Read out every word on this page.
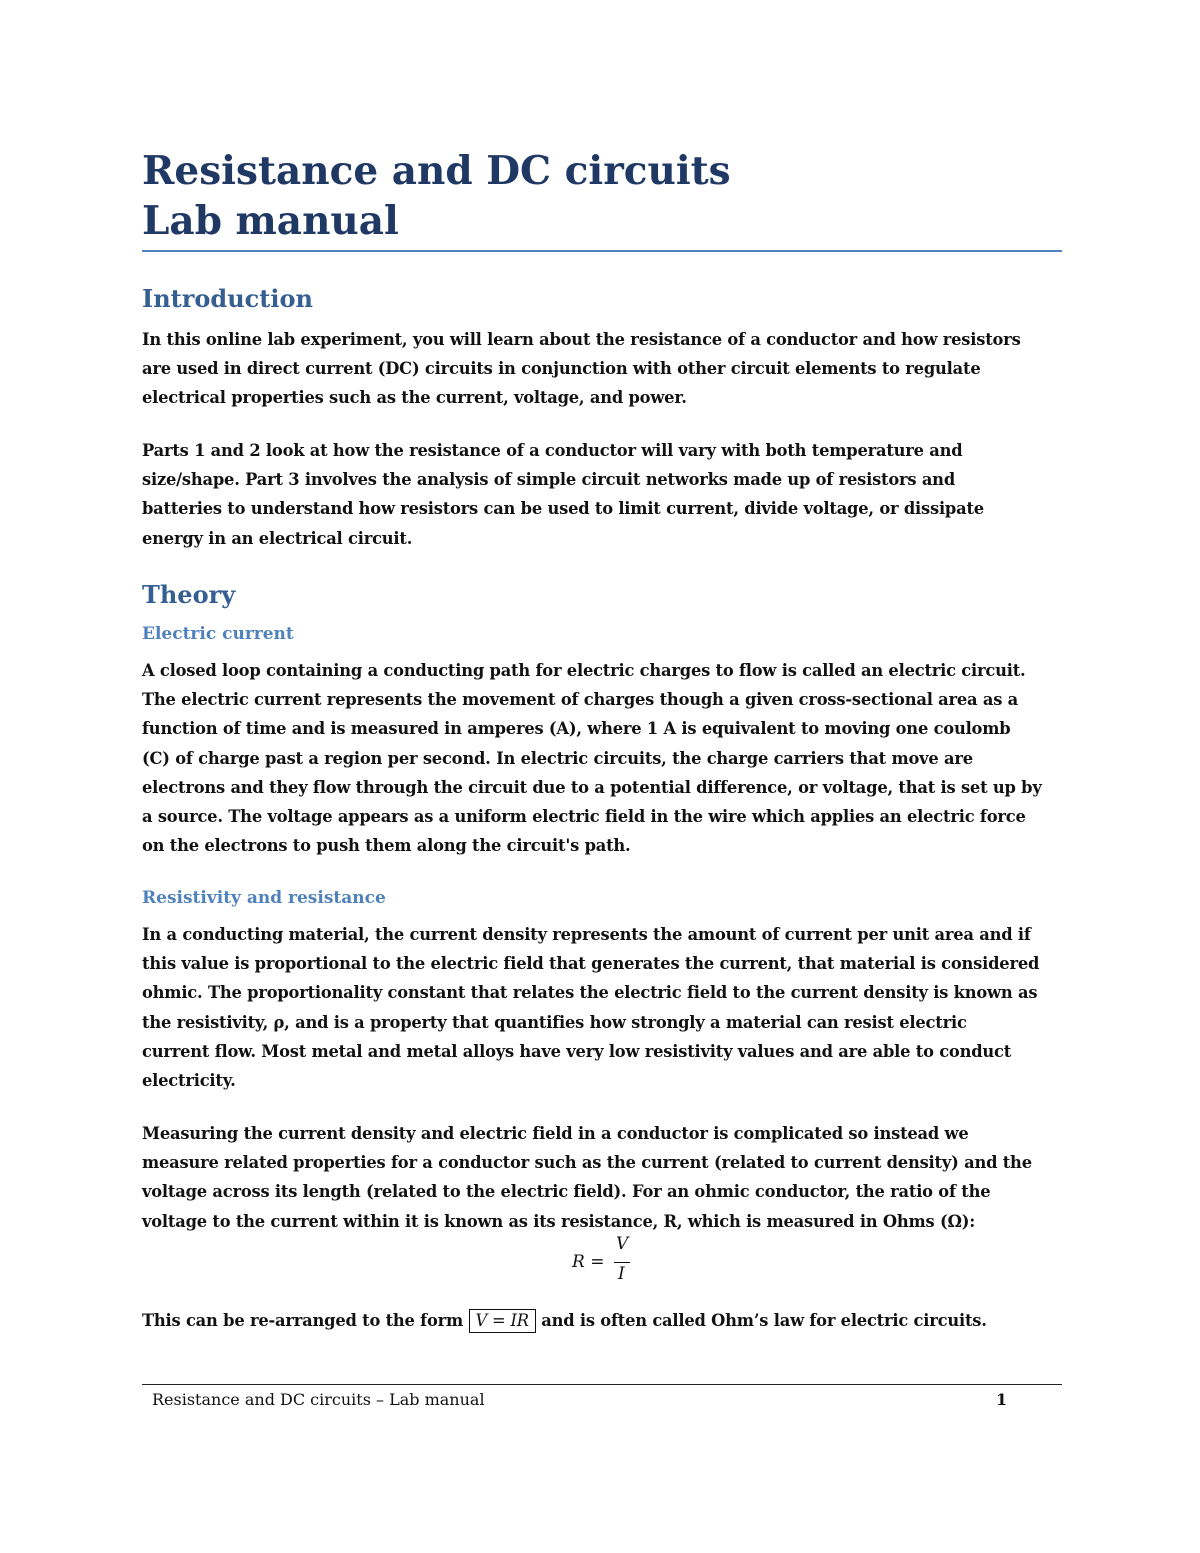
Resistance and DC circuits
Lab manual
Introduction

In this online lab experiment, you will learn about the resistance of a conductor and how resistors
are used in direct current (DC) circuits in conjunction with other circuit elements to regulate
electrical properties such as the current, voltage, and power.

Parts 1 and 2 look at how the resistance of a conductor will vary with both temperature and
size/shape. Part 3 involves the analysis of simple circuit networks made up of resistors and
batteries to understand how resistors can be used to limit current, divide voltage, or dissipate
energy in an electrical circuit.

Theory
Electric current

A closed loop containing a conducting path for electric charges to flow is called an electric circuit.
The electric current represents the movement of charges though a given cross-sectional area as a
function of time and is measured in amperes (A), where 1 A is equivalent to moving one coulomb
(C) of charge past a region per second. In electric circuits, the charge carriers that move are
electrons and they flow through the circuit due to a potential difference, or voltage, that is set up by
a source. The voltage appears as a uniform electric field in the wire which applies an electric force
on the electrons to push them along the circuit's path.

Resistivity and resistance

In a conducting material, the current density represents the amount of current per unit area and if
this value is proportional to the electric field that generates the current, that material is considered
ohmic. The proportionality constant that relates the electric field to the current density is known as
the resistivity, ρ, and is a property that quantifies how strongly a material can resist electric
current flow. Most metal and metal alloys have very low resistivity values and are able to conduct
electricity.

Measuring the current density and electric field in a conductor is complicated so instead we
measure related properties for a conductor such as the current (related to current density) and the
voltage across its length (related to the electric field). For an ohmic conductor, the ratio of the
voltage to the current within it is known as its resistance, R, which is measured in Ohms (Ω):

R =
V
I

This can be re-arranged to the form V = IR and is often called Ohm’s law for electric circuits.

Resistance and DC circuits – Lab manual	1
